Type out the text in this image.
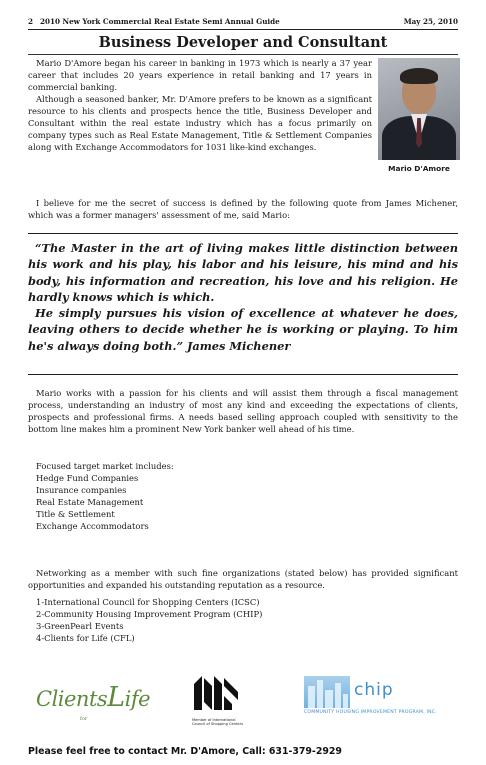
2 2010 New York Commercial Real Estate Semi Annual Guide	May 25, 2010
Business Developer and Consultant

Mario D'Amore began his career in banking in 1973 which is nearly a 37 year career that includes 20 years experience in retail banking and 17 years in commercial banking.

Although a seasoned banker, Mr. D'Amore prefers to be known as a significant resource to his clients and prospects hence the title, Business Developer and Consultant within the real estate industry which has a focus primarily on company types such as Real Estate Management, Title & Settlement Companies along with Exchange Accommodators for 1031 like-kind exchanges.

Mario D'Amore

I believe for me the secret of success is defined by the following quote from James Michener, which was a former managers' assessment of me, said Mario:

“The Master in the art of living makes little distinction between his work and his play, his labor and his leisure, his mind and his body, his information and recreation, his love and his religion. He hardly knows which is which.

He simply pursues his vision of excellence at whatever he does, leaving others to decide whether he is working or playing. To him he's always doing both.” James Michener

Mario works with a passion for his clients and will assist them through a fiscal management process, understanding an industry of most any kind and exceeding the expectations of clients, prospects and professional firms. A needs based selling approach coupled with sensitivity to the bottom line makes him a prominent New York banker well ahead of his time.

Focused target market includes:
Hedge Fund Companies
Insurance companies
Real Estate Management
Title & Settlement
Exchange Accommodators

Networking as a member with such fine organizations (stated below) has provided significant opportunities and expanded his outstanding reputation as a resource.

1-International Council for Shopping Centers (ICSC)
2-Community Housing Improvement Program (CHIP)
3-GreenPearl Events
4-Clients for Life (CFL)
ClientsLife
for	Member of International Council of Shopping Centers
chip
COMMUNITY HOUSING IMPROVEMENT PROGRAM, INC.
Please feel free to contact Mr. D'Amore, Call: 631-379-2929
